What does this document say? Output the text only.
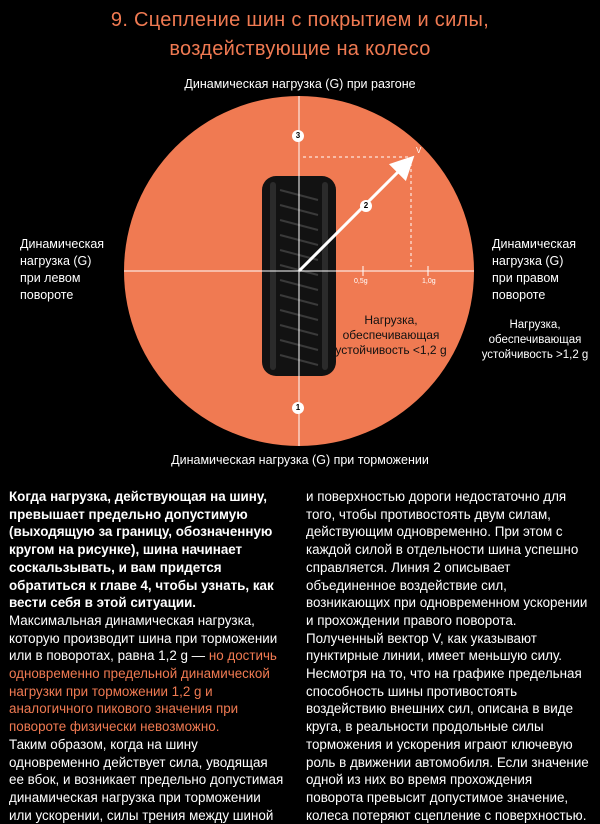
9. Сцепление шин с покрытием и силы,
воздействующие на колесо
Динамическая нагрузка (G) при разгоне
Динамическая нагрузка (G) при торможении
Динамическая
нагрузка (G)
при левом
повороте
Динамическая
нагрузка (G)
при правом
повороте
Нагрузка,
обеспечивающая
устойчивость <1,2 g
Нагрузка,
обеспечивающая
устойчивость >1,2 g
0,5g	1,0g
V
1
2
3

Когда нагрузка, действующая на шину, превышает предельно допустимую (выходящую за границу, обозначенную кругом на рисунке), шина начинает соскальзывать, и вам придется обратиться к главе 4, чтобы узнать, как вести себя в этой ситуации.

Максимальная динамическая нагрузка, которую производит шина при торможении или в поворотах, равна 1,2 g — но достичь одновременно предельной динамической нагрузки при торможении 1,2 g и аналогичного пикового значения при повороте физически невозможно.

Таким образом, когда на шину одновременно действует сила, уводящая ее вбок, и возникает предельно допустимая динамическая нагрузка при торможении или ускорении, силы трения между шиной

и поверхностью дороги недостаточно для того, чтобы противостоять двум силам, действующим одновременно. При этом с каждой силой в отдельности шина успешно справляется. Линия 2 описывает объединенное воздействие сил, возникающих при одновременном ускорении и прохождении правого поворота. Полученный вектор V, как указывают пунктирные линии, имеет меньшую силу. Несмотря на то, что на графике предельная способность шины противостоять воздействию внешних сил, описана в виде круга, в реальности продольные силы торможения и ускорения играют ключевую роль в движении автомобиля. Если значение одной из них во время прохождения поворота превысит допустимое значение, колеса потеряют сцепление с поверхностью.
